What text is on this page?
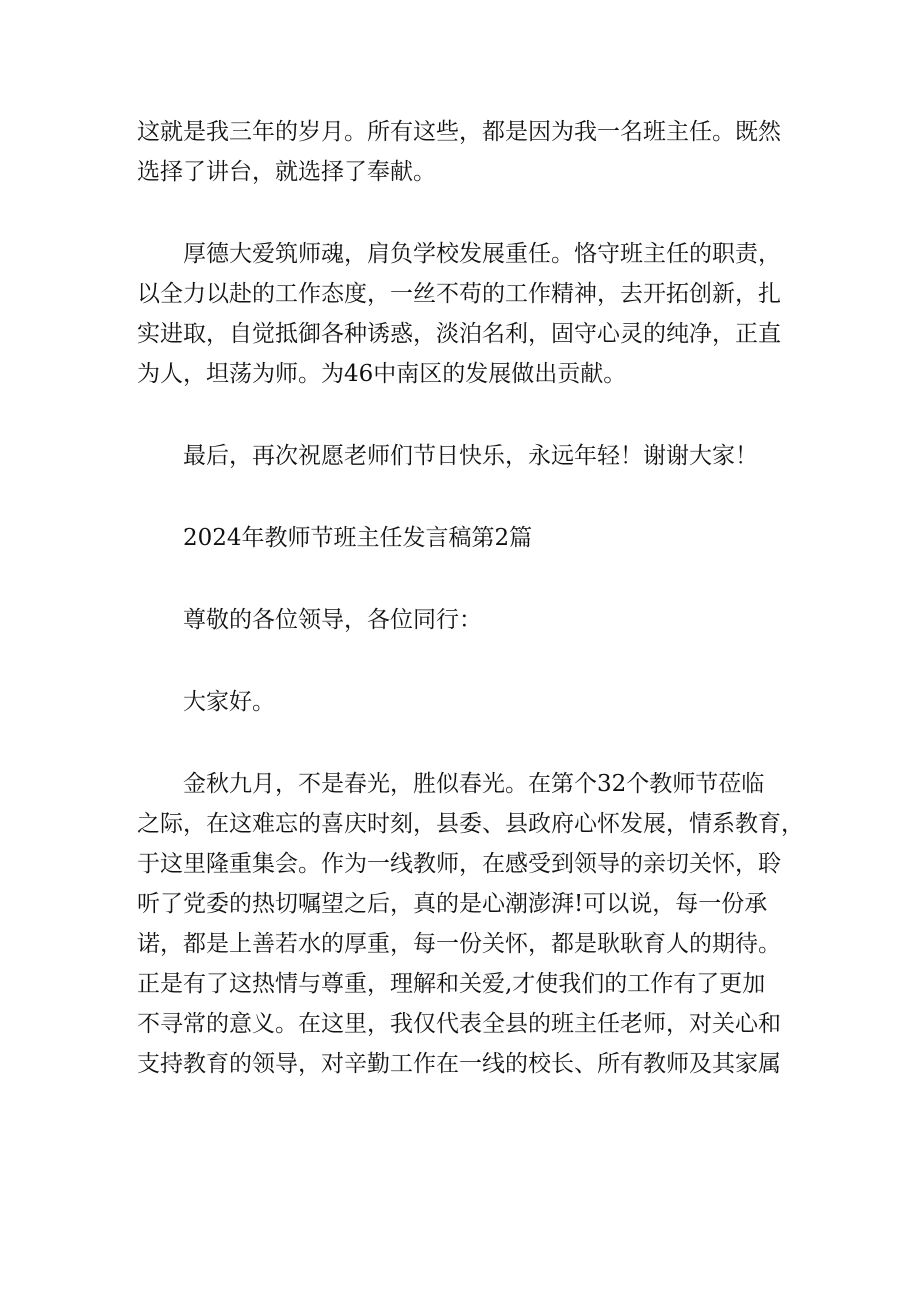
这就是我三年的岁月。所有这些，都是因为我一名班主任。既然
选择了讲台，就选择了奉献。

厚德大爱筑师魂，肩负学校发展重任。恪守班主任的职责，
以全力以赴的工作态度，一丝不苟的工作精神，去开拓创新，扎
实进取，自觉抵御各种诱惑，淡泊名利，固守心灵的纯净，正直
为人，坦荡为师。为46中南区的发展做出贡献。

最后，再次祝愿老师们节日快乐，永远年轻！谢谢大家！

2024年教师节班主任发言稿第2篇

尊敬的各位领导，各位同行：

大家好。

金秋九月，不是春光，胜似春光。在第个32个教师节莅临
之际，在这难忘的喜庆时刻，县委、县政府心怀发展，情系教育，
于这里隆重集会。作为一线教师，在感受到领导的亲切关怀，聆
听了党委的热切嘱望之后，真的是心潮澎湃!可以说，每一份承
诺，都是上善若水的厚重，每一份关怀，都是耿耿育人的期待。
正是有了这热情与尊重，理解和关爱,才使我们的工作有了更加
不寻常的意义。在这里，我仅代表全县的班主任老师，对关心和
支持教育的领导，对辛勤工作在一线的校长、所有教师及其家属
